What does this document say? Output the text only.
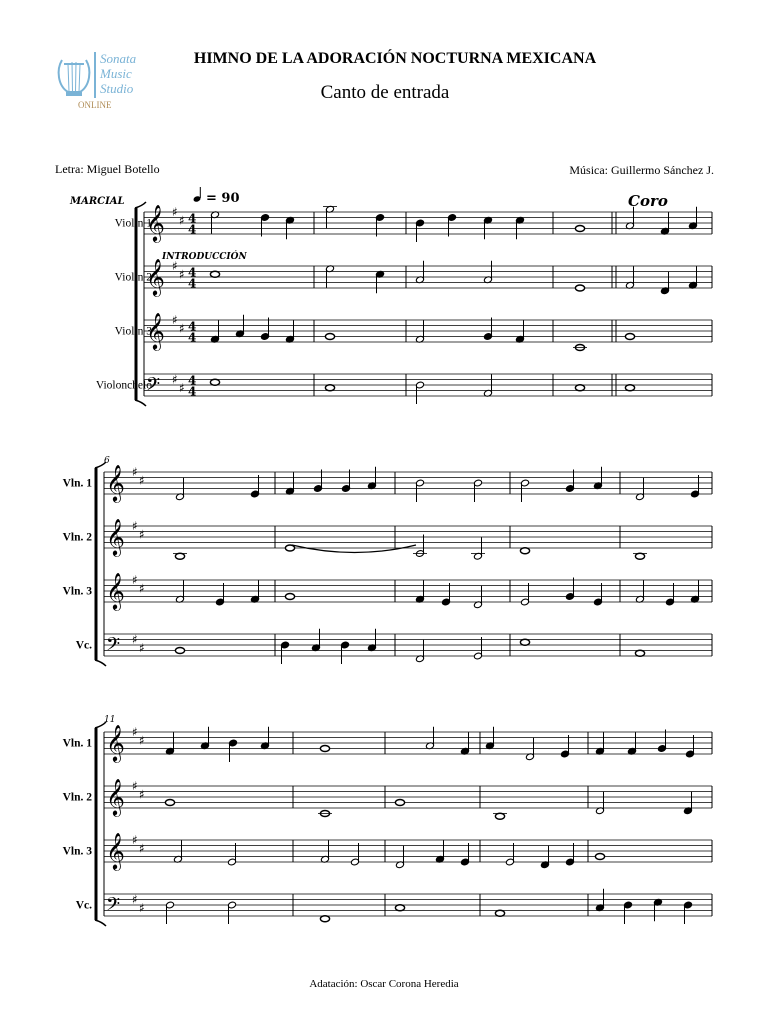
Sonata
Music
Studio
ONLINE
HIMNO DE LA ADORACIÓN NOCTURNA MEXICANA
Canto de entrada
Letra: Miguel Botello	Música: Guillermo Sánchez J.
Adatación: Oscar Corona Heredia
𝄞 ♯
♯ 4
4
𝄞 ♯
♯ 4
4
𝄞 ♯
♯ 4
4
𝄢 ♯
♯
4
4
𝄞 ♯
♯
𝄞 ♯
♯
𝄞 ♯
♯
𝄢 ♯
♯
𝄞 ♯
♯
𝄞 ♯
♯
𝄞 ♯
♯
𝄢 ♯
♯
MARCIAL	= 90
INTRODUCCIÓN
Coro
6
11
Violín 1
Violín 2
Violín 3
Violonchelo
Vln. 1
Vln. 2
Vln. 3
Vc.
Vln. 1
Vln. 2
Vln. 3
Vc.
